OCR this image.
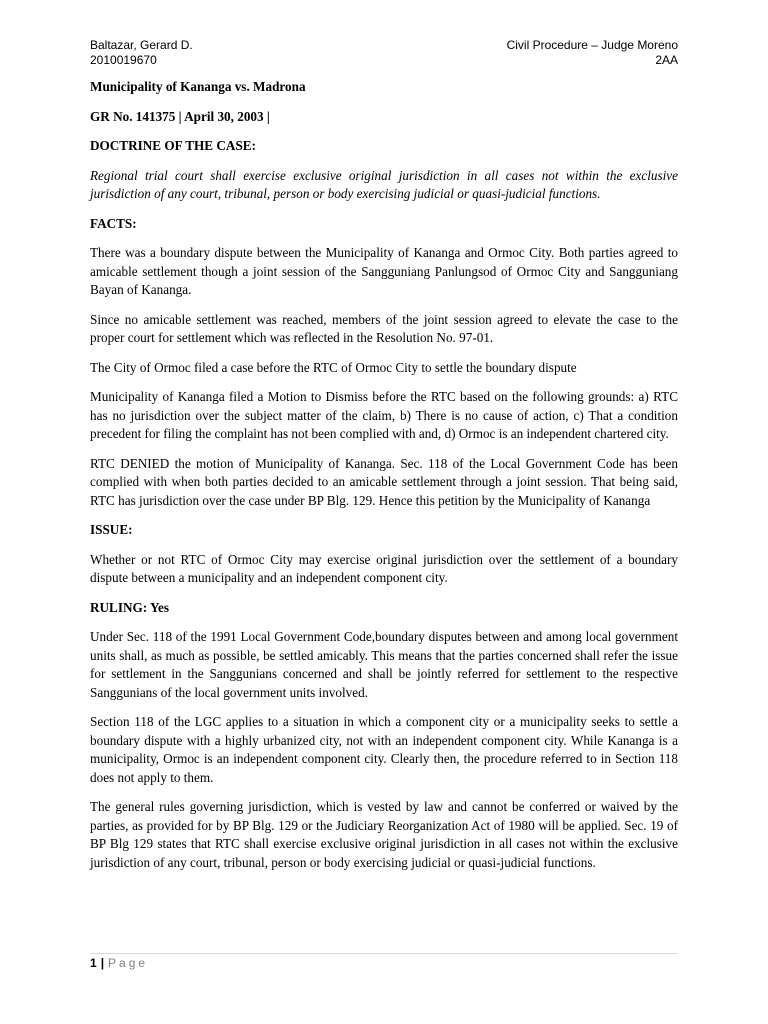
Baltazar, Gerard D.
2010019670
Civil Procedure – Judge Moreno
2AA
Municipality of Kananga vs. Madrona
GR No. 141375 | April 30, 2003 |
DOCTRINE OF THE CASE:

Regional trial court shall exercise exclusive original jurisdiction in all cases not within the exclusive jurisdiction of any court, tribunal, person or body exercising judicial or quasi-judicial functions.

FACTS:

There was a boundary dispute between the Municipality of Kananga and Ormoc City. Both parties agreed to amicable settlement though a joint session of the Sangguniang Panlungsod of Ormoc City and Sangguniang Bayan of Kananga.

Since no amicable settlement was reached, members of the joint session agreed to elevate the case to the proper court for settlement which was reflected in the Resolution No. 97-01.

The City of Ormoc filed a case before the RTC of Ormoc City to settle the boundary dispute

Municipality of Kananga filed a Motion to Dismiss before the RTC based on the following grounds: a) RTC has no jurisdiction over the subject matter of the claim, b) There is no cause of action, c) That a condition precedent for filing the complaint has not been complied with and, d) Ormoc is an independent chartered city.

RTC DENIED the motion of Municipality of Kananga. Sec. 118 of the Local Government Code has been complied with when both parties decided to an amicable settlement through a joint session. That being said, RTC has jurisdiction over the case under BP Blg. 129. Hence this petition by the Municipality of Kananga

ISSUE:

Whether or not RTC of Ormoc City may exercise original jurisdiction over the settlement of a boundary dispute between a municipality and an independent component city.

RULING: Yes

Under Sec. 118 of the 1991 Local Government Code,boundary disputes between and among local government units shall, as much as possible, be settled amicably. This means that the parties concerned shall refer the issue for settlement in the Sanggunians concerned and shall be jointly referred for settlement to the respective Sanggunians of the local government units involved.

Section 118 of the LGC applies to a situation in which a component city or a municipality seeks to settle a boundary dispute with a highly urbanized city, not with an independent component city. While Kananga is a municipality, Ormoc is an independent component city. Clearly then, the procedure referred to in Section 118 does not apply to them.

The general rules governing jurisdiction, which is vested by law and cannot be conferred or waived by the parties, as provided for by BP Blg. 129 or the Judiciary Reorganization Act of 1980 will be applied. Sec. 19 of BP Blg 129 states that RTC shall exercise exclusive original jurisdiction in all cases not within the exclusive jurisdiction of any court, tribunal, person or body exercising judicial or quasi-judicial functions.

1 | Page
